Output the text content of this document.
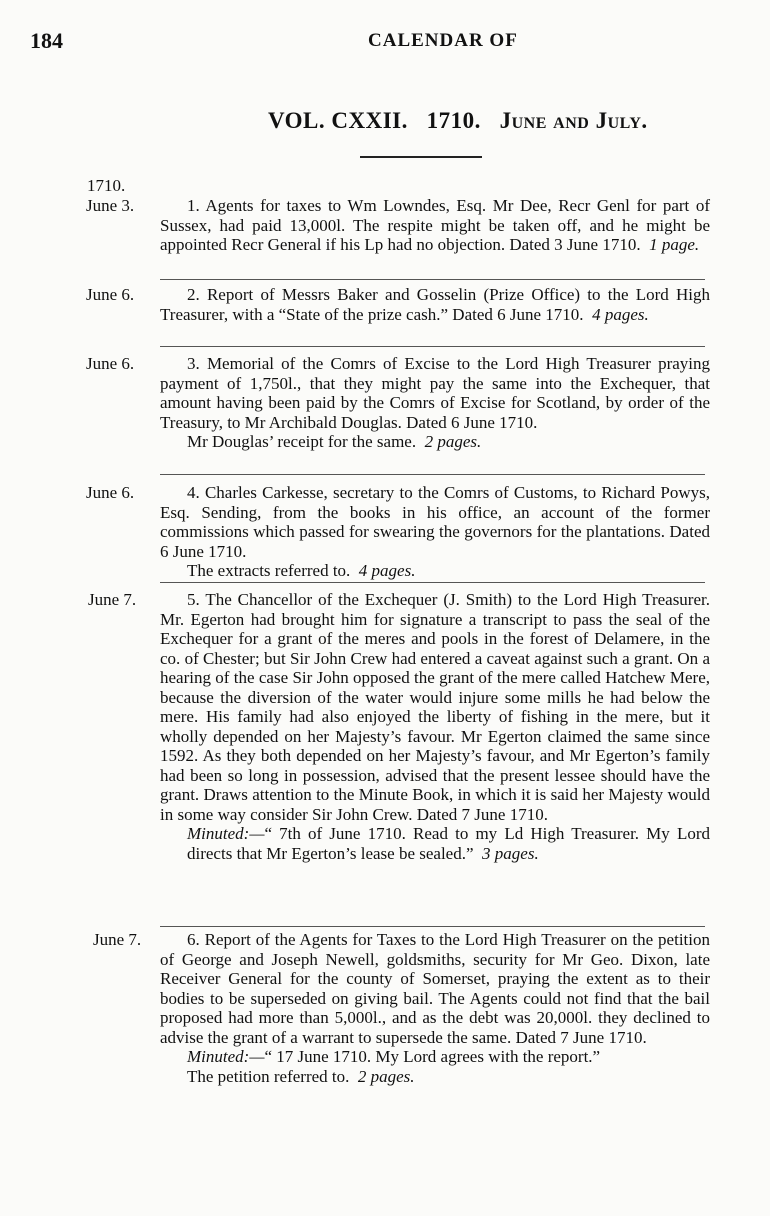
184	CALENDAR OF
VOL. CXXII. 1710. June and July.
1710.
June 3.	1. Agents for taxes to Wm Lowndes, Esq. Mr Dee, Recr Genl for part of Sussex, had paid 13,000l. The respite might be taken off, and he might be appointed Recr General if his Lp had no objection. Dated 3 June 1710. 1 page.

June 6.	2. Report of Messrs Baker and Gosselin (Prize Office) to the Lord High Treasurer, with a “State of the prize cash.” Dated 6 June 1710. 4 pages.

June 6.	3. Memorial of the Comrs of Excise to the Lord High Treasurer praying payment of 1,750l., that they might pay the same into the Exchequer, that amount having been paid by the Comrs of Excise for Scotland, by order of the Treasury, to Mr Archibald Douglas. Dated 6 June 1710.

Mr Douglas’ receipt for the same. 2 pages.

June 6.	4. Charles Carkesse, secretary to the Comrs of Customs, to Richard Powys, Esq. Sending, from the books in his office, an account of the former commissions which passed for swearing the governors for the plantations. Dated 6 June 1710.

The extracts referred to. 4 pages.

June 7.	5. The Chancellor of the Exchequer (J. Smith) to the Lord High Treasurer. Mr. Egerton had brought him for signature a transcript to pass the seal of the Exchequer for a grant of the meres and pools in the forest of Delamere, in the co. of Chester; but Sir John Crew had entered a caveat against such a grant. On a hearing of the case Sir John opposed the grant of the mere called Hatchew Mere, because the diversion of the water would injure some mills he had below the mere. His family had also enjoyed the liberty of fishing in the mere, but it wholly depended on her Majesty’s favour. Mr Egerton claimed the same since 1592. As they both depended on her Majesty’s favour, and Mr Egerton’s family had been so long in possession, advised that the present lessee should have the grant. Draws attention to the Minute Book, in which it is said her Majesty would in some way consider Sir John Crew. Dated 7 June 1710.

Minuted:—“ 7th of June 1710. Read to my Ld High Treasurer. My Lord directs that Mr Egerton’s lease be sealed.” 3 pages.

June 7.	6. Report of the Agents for Taxes to the Lord High Treasurer on the petition of George and Joseph Newell, goldsmiths, security for Mr Geo. Dixon, late Receiver General for the county of Somerset, praying the extent as to their bodies to be superseded on giving bail. The Agents could not find that the bail proposed had more than 5,000l., and as the debt was 20,000l. they declined to advise the grant of a warrant to supersede the same. Dated 7 June 1710.

Minuted:—“ 17 June 1710. My Lord agrees with the report.”

The petition referred to. 2 pages.
